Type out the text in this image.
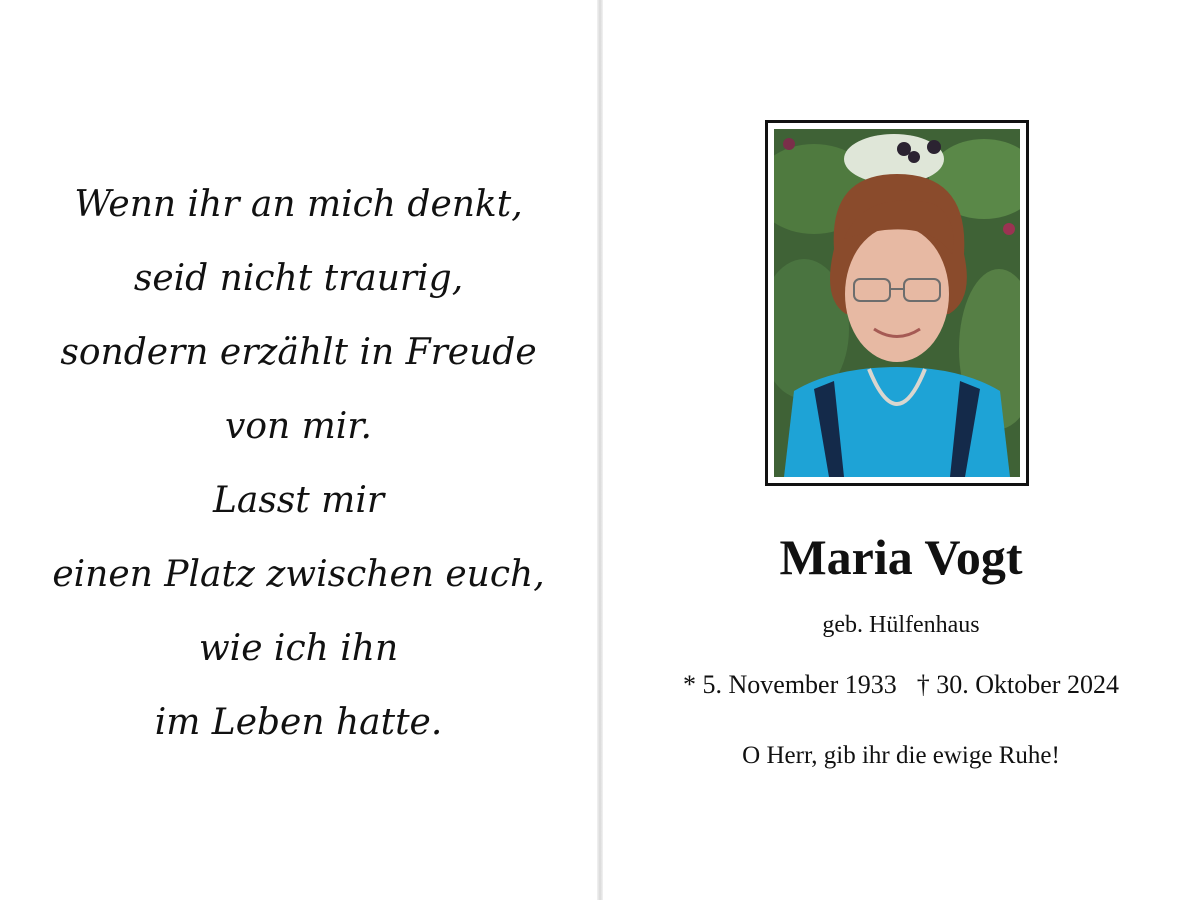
Wenn ihr an mich denkt,
seid nicht traurig,
sondern erzählt in Freude
von mir.
Lasst mir
einen Platz zwischen euch,
wie ich ihn
im Leben hatte.
Maria Vogt
geb. Hülfenhaus
* 5. November 1933 † 30. Oktober 2024
O Herr, gib ihr die ewige Ruhe!
